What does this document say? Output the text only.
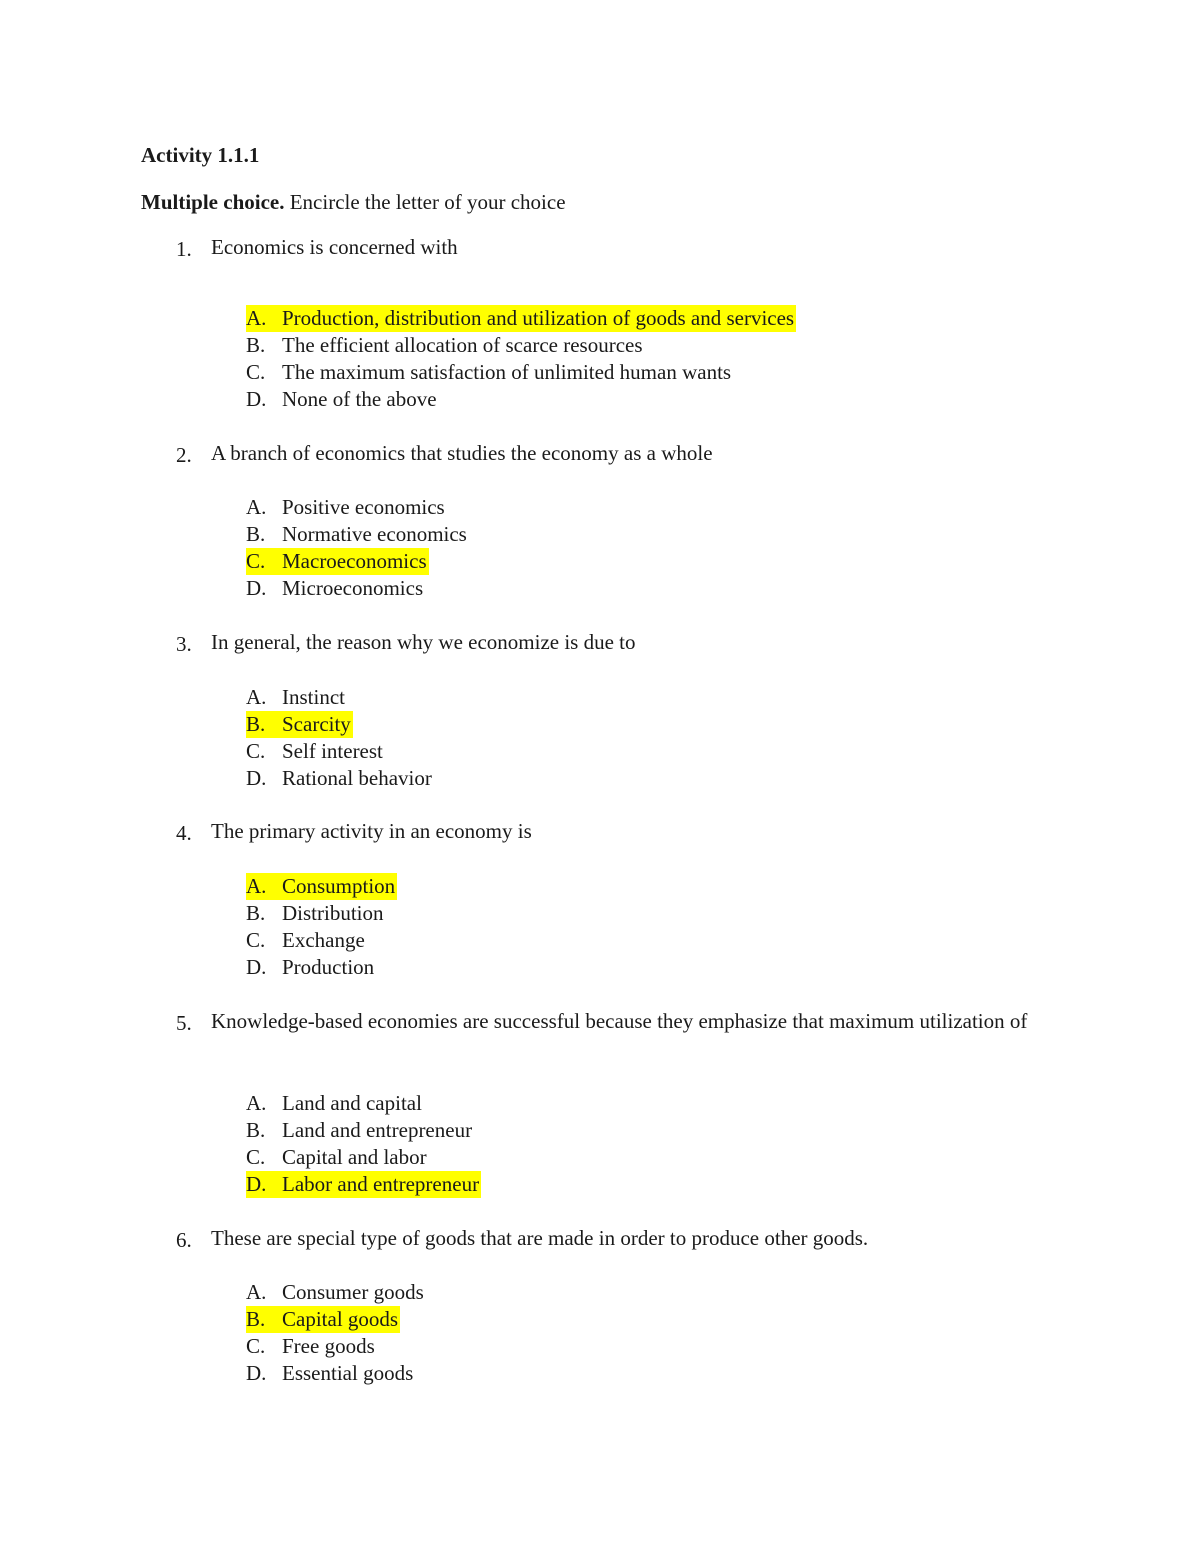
Activity 1.1.1
Multiple choice. Encircle the letter of your choice
1. Economics is concerned with
A. Production, distribution and utilization of goods and services
B. The efficient allocation of scarce resources
C. The maximum satisfaction of unlimited human wants
D. None of the above
2. A branch of economics that studies the economy as a whole
A. Positive economics
B. Normative economics
C. Macroeconomics
D. Microeconomics
3. In general, the reason why we economize is due to
A. Instinct
B. Scarcity
C. Self interest
D. Rational behavior
4. The primary activity in an economy is
A. Consumption
B. Distribution
C. Exchange
D. Production
5. Knowledge-based economies are successful because they emphasize that maximum utilization of
A. Land and capital
B. Land and entrepreneur
C. Capital and labor
D. Labor and entrepreneur
6. These are special type of goods that are made in order to produce other goods.
A. Consumer goods
B. Capital goods
C. Free goods
D. Essential goods
